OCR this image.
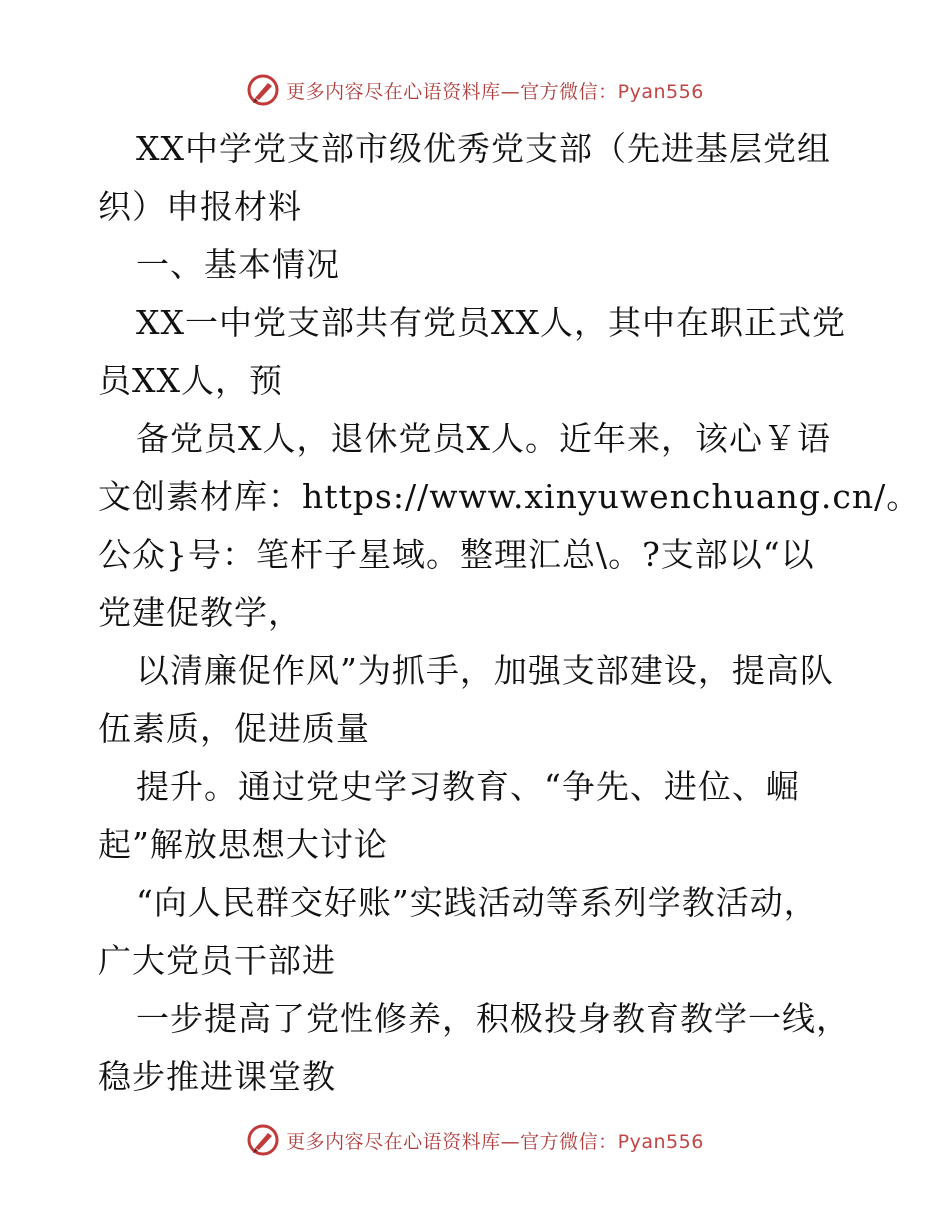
更多内容尽在心语资料库—官方微信：Pyan556

XX中学党支部市级优秀党支部（先进基层党组

织）申报材料

一、基本情况

XX一中党支部共有党员XX人，其中在职正式党

员XX人，预

备党员X人，退休党员X人。近年来，该心￥语

文创素材库：https://www.xinyuwenchuang.cn/。

公众}号：笔杆子星域。整理汇总\。?支部以“以

党建促教学，

以清廉促作风”为抓手，加强支部建设，提高队

伍素质，促进质量

提升。通过党史学习教育、“争先、进位、崛

起”解放思想大讨论

“向人民群交好账”实践活动等系列学教活动，

广大党员干部进

一步提高了党性修养，积极投身教育教学一线，

稳步推进课堂教

更多内容尽在心语资料库—官方微信：Pyan556
